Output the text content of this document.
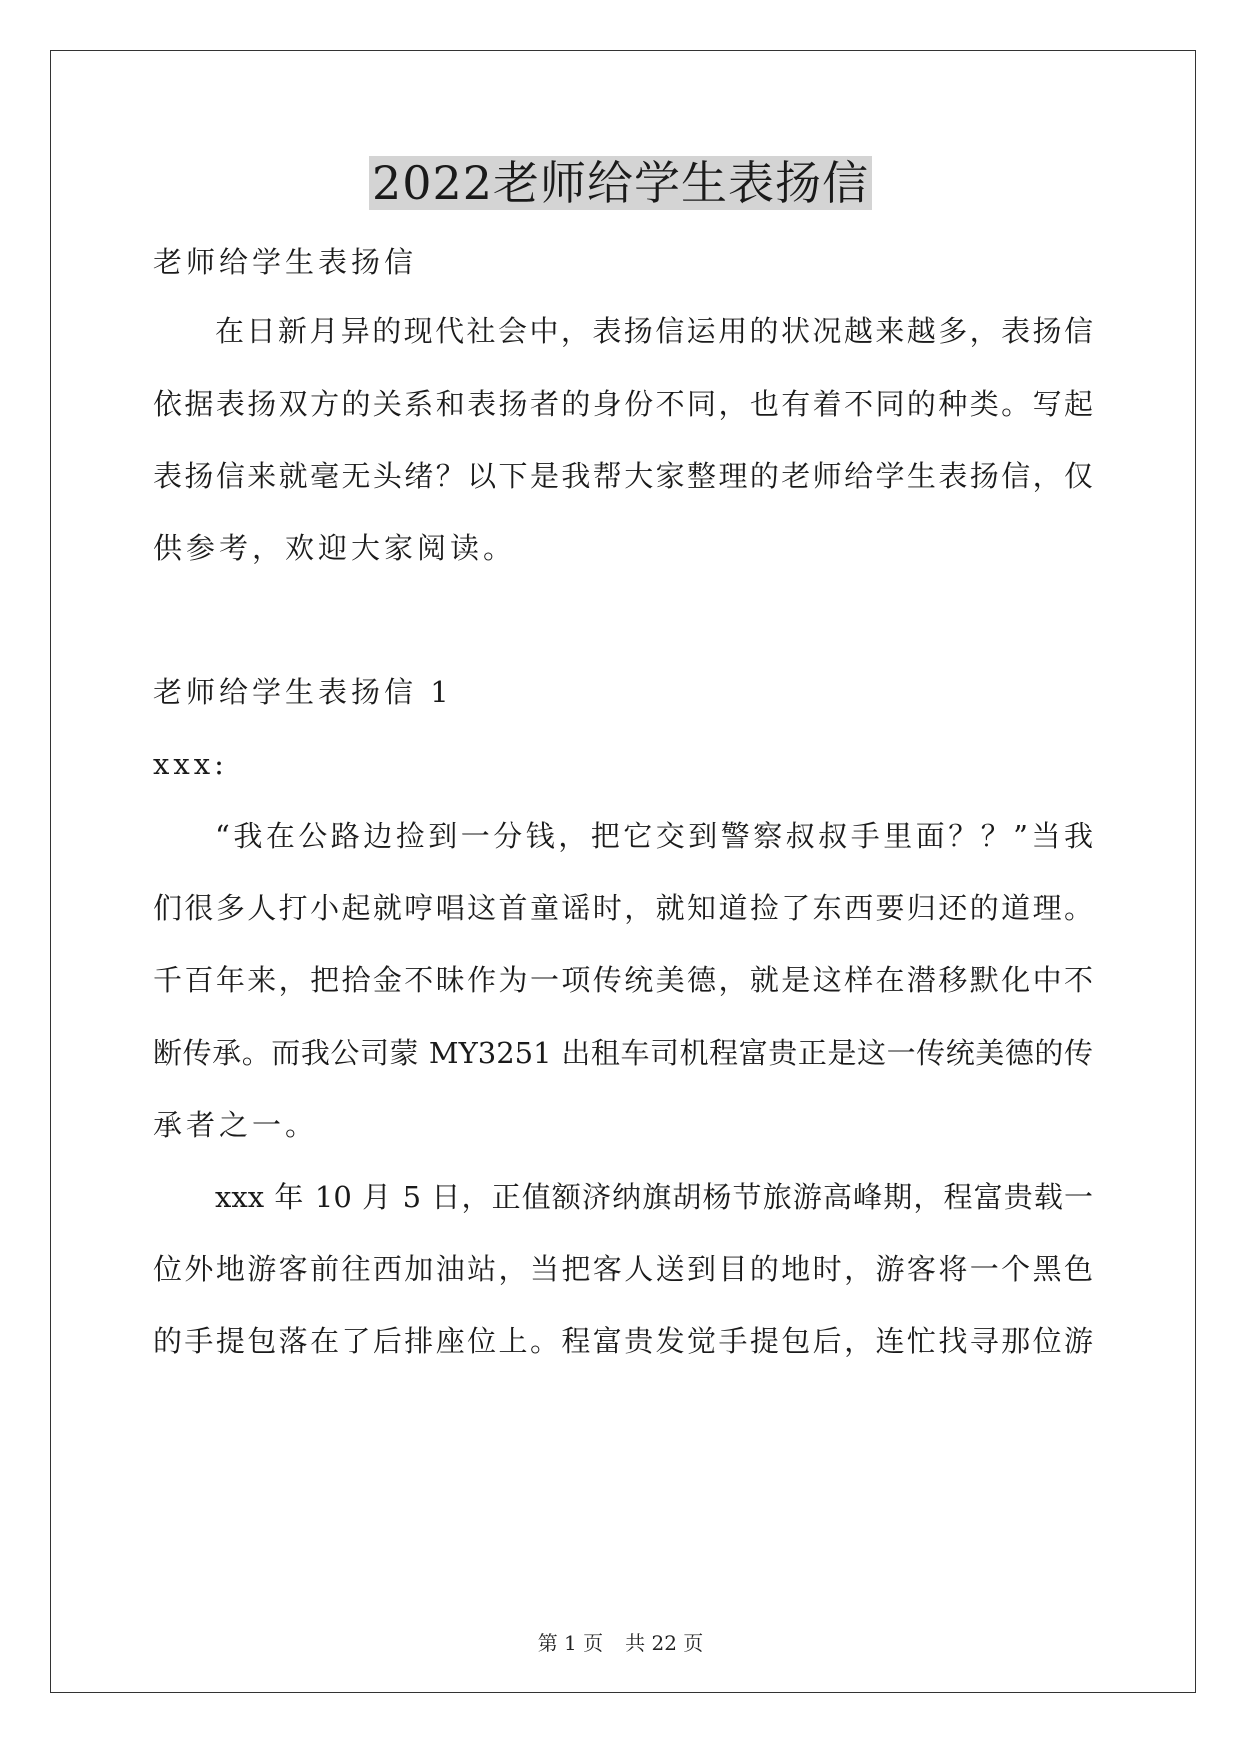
2022老师给学生表扬信
老师给学生表扬信
在日新月异的现代社会中，表扬信运用的状况越来越多，表扬信
依据表扬双方的关系和表扬者的身份不同，也有着不同的种类。写起
表扬信来就毫无头绪？以下是我帮大家整理的老师给学生表扬信，仅
供参考，欢迎大家阅读。
老师给学生表扬信 1
xxx:
“我在公路边捡到一分钱，把它交到警察叔叔手里面？？”当我
们很多人打小起就哼唱这首童谣时，就知道捡了东西要归还的道理。
千百年来，把拾金不昧作为一项传统美德，就是这样在潜移默化中不
断传承。而我公司蒙 MY3251 出租车司机程富贵正是这一传统美德的传
承者之一。
xxx 年 10 月 5 日，正值额济纳旗胡杨节旅游高峰期，程富贵载一
位外地游客前往西加油站，当把客人送到目的地时，游客将一个黑色
的手提包落在了后排座位上。程富贵发觉手提包后，连忙找寻那位游
第 1 页 共 22 页
